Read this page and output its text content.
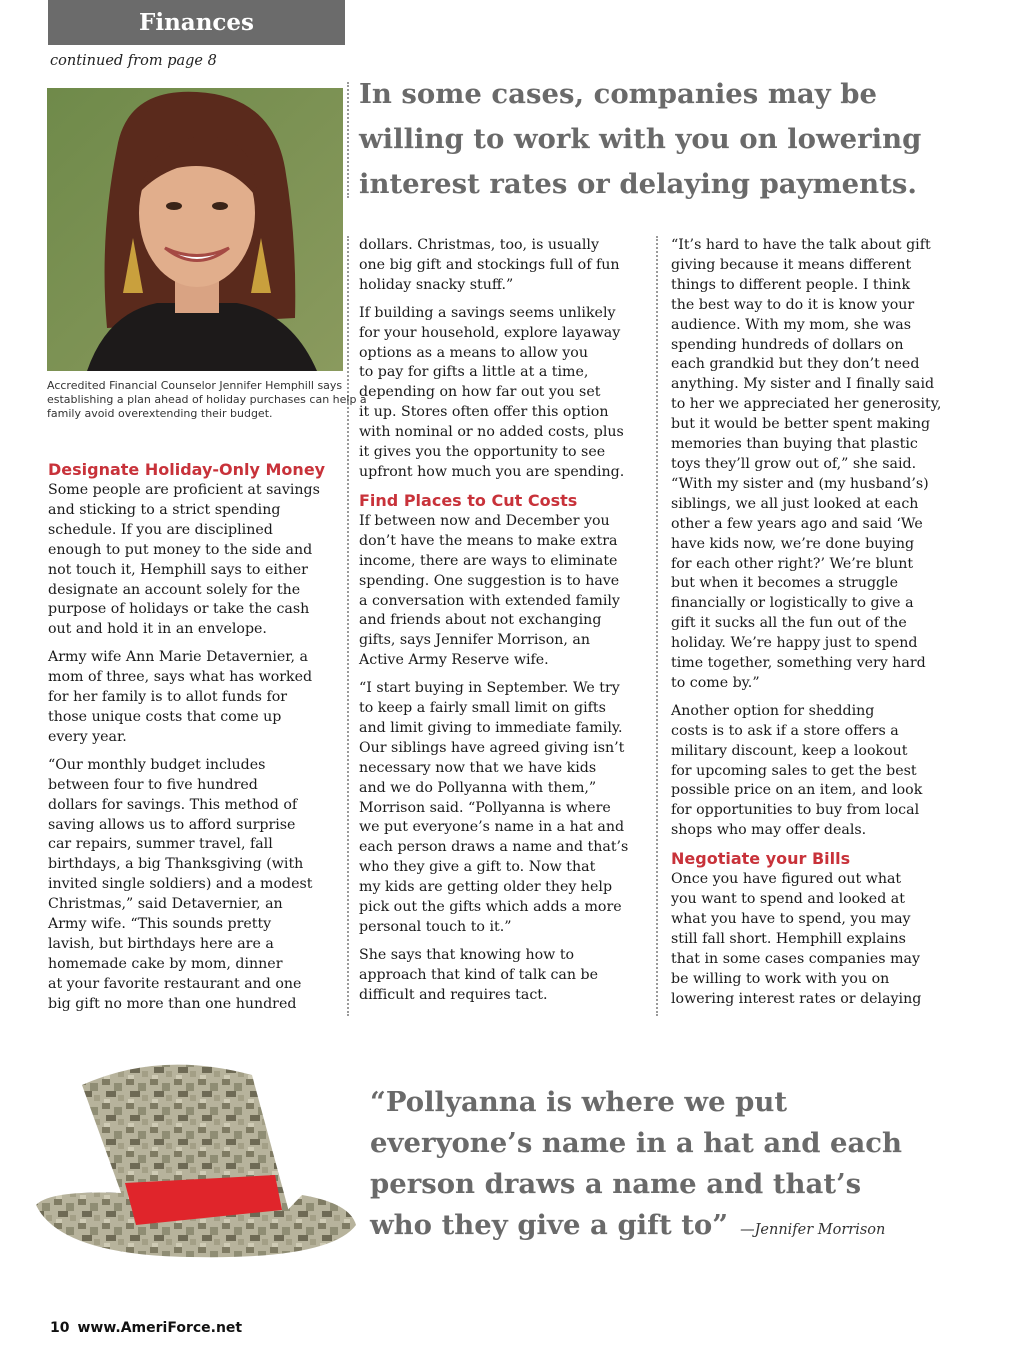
Finances
continued from page 8
In some cases, companies may be
willing to work with you on lowering
interest rates or delaying payments.
Accredited Financial Counselor Jennifer Hemphill says
establishing a plan ahead of holiday purchases can help a
family avoid overextending their budget.
Designate Holiday-Only Money

Some people are proficient at savings
and sticking to a strict spending
schedule. If you are disciplined
enough to put money to the side and
not touch it, Hemphill says to either
designate an account solely for the
purpose of holidays or take the cash
out and hold it in an envelope.

Army wife Ann Marie Detavernier, a
mom of three, says what has worked
for her family is to allot funds for
those unique costs that come up
every year.

“Our monthly budget includes
between four to five hundred
dollars for savings. This method of
saving allows us to afford surprise
car repairs, summer travel, fall
birthdays, a big Thanksgiving (with
invited single soldiers) and a modest
Christmas,” said Detavernier, an
Army wife. “This sounds pretty
lavish, but birthdays here are a
homemade cake by mom, dinner
at your favorite restaurant and one
big gift no more than one hundred

dollars. Christmas, too, is usually
one big gift and stockings full of fun
holiday snacky stuff.”

If building a savings seems unlikely
for your household, explore layaway
options as a means to allow you
to pay for gifts a little at a time,
depending on how far out you set
it up. Stores often offer this option
with nominal or no added costs, plus
it gives you the opportunity to see
upfront how much you are spending.

Find Places to Cut Costs

If between now and December you
don’t have the means to make extra
income, there are ways to eliminate
spending. One suggestion is to have
a conversation with extended family
and friends about not exchanging
gifts, says Jennifer Morrison, an
Active Army Reserve wife.

“I start buying in September. We try
to keep a fairly small limit on gifts
and limit giving to immediate family.
Our siblings have agreed giving isn’t
necessary now that we have kids
and we do Pollyanna with them,”
Morrison said. “Pollyanna is where
we put everyone’s name in a hat and
each person draws a name and that’s
who they give a gift to. Now that
my kids are getting older they help
pick out the gifts which adds a more
personal touch to it.”

She says that knowing how to
approach that kind of talk can be
difficult and requires tact.

“It’s hard to have the talk about gift
giving because it means different
things to different people. I think
the best way to do it is know your
audience. With my mom, she was
spending hundreds of dollars on
each grandkid but they don’t need
anything. My sister and I finally said
to her we appreciated her generosity,
but it would be better spent making
memories than buying that plastic
toys they’ll grow out of,” she said.
“With my sister and (my husband’s)
siblings, we all just looked at each
other a few years ago and said ‘We
have kids now, we’re done buying
for each other right?’ We’re blunt
but when it becomes a struggle
financially or logistically to give a
gift it sucks all the fun out of the
holiday. We’re happy just to spend
time together, something very hard
to come by.”

Another option for shedding
costs is to ask if a store offers a
military discount, keep a lookout
for upcoming sales to get the best
possible price on an item, and look
for opportunities to buy from local
shops who may offer deals.

Negotiate your Bills

Once you have figured out what
you want to spend and looked at
what you have to spend, you may
still fall short. Hemphill explains
that in some cases companies may
be willing to work with you on
lowering interest rates or delaying

“Pollyanna is where we put
everyone’s name in a hat and each
person draws a name and that’s
who they give a gift to” —Jennifer Morrison
10 www.AmeriForce.net
